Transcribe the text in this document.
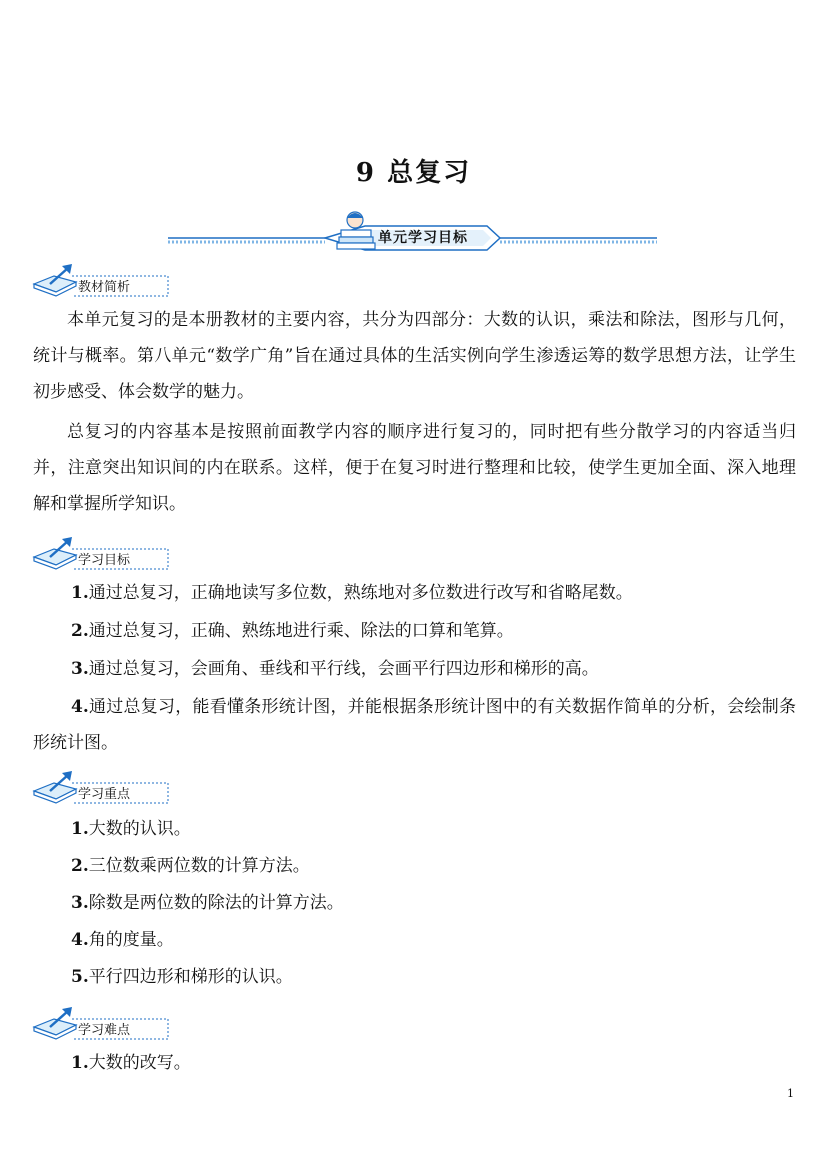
9 总复习
单元学习目标
教材简析

本单元复习的是本册教材的主要内容，共分为四部分：大数的认识，乘法和除法，图形与几何，统计与概率。第八单元“数学广角”旨在通过具体的生活实例向学生渗透运筹的数学思想方法，让学生初步感受、体会数学的魅力。

总复习的内容基本是按照前面教学内容的顺序进行复习的，同时把有些分散学习的内容适当归并，注意突出知识间的内在联系。这样，便于在复习时进行整理和比较，使学生更加全面、深入地理解和掌握所学知识。

学习目标

1.通过总复习，正确地读写多位数，熟练地对多位数进行改写和省略尾数。

2.通过总复习，正确、熟练地进行乘、除法的口算和笔算。

3.通过总复习，会画角、垂线和平行线，会画平行四边形和梯形的高。

4.通过总复习，能看懂条形统计图，并能根据条形统计图中的有关数据作简单的分析，会绘制条形统计图。

学习重点

1.大数的认识。

2.三位数乘两位数的计算方法。

3.除数是两位数的除法的计算方法。

4.角的度量。

5.平行四边形和梯形的认识。

学习难点

1.大数的改写。

1
